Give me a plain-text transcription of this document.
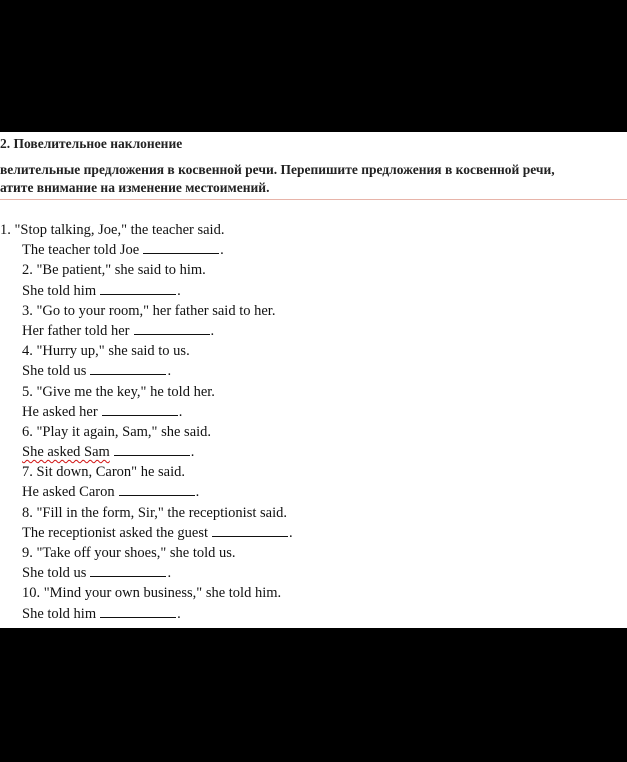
2. Повелительное наклонение
велительные предложения в косвенной речи. Перепишите предложения в косвенной речи,
атите внимание на изменение местоимений.
1. "Stop talking, Joe," the teacher said.
The teacher told Joe	.
2. "Be patient," she said to him.
She told him	.
3. "Go to your room," her father said to her.
Her father told her	.
4. "Hurry up," she said to us.
She told us	.
5. "Give me the key," he told her.
He asked her	.
6. "Play it again, Sam," she said.
She asked Sam	.
7. Sit down, Caron" he said.
He asked Caron	.
8. "Fill in the form, Sir," the receptionist said.
The receptionist asked the guest	.
9. "Take off your shoes," she told us.
She told us	.
10. "Mind your own business," she told him.
She told him	.
